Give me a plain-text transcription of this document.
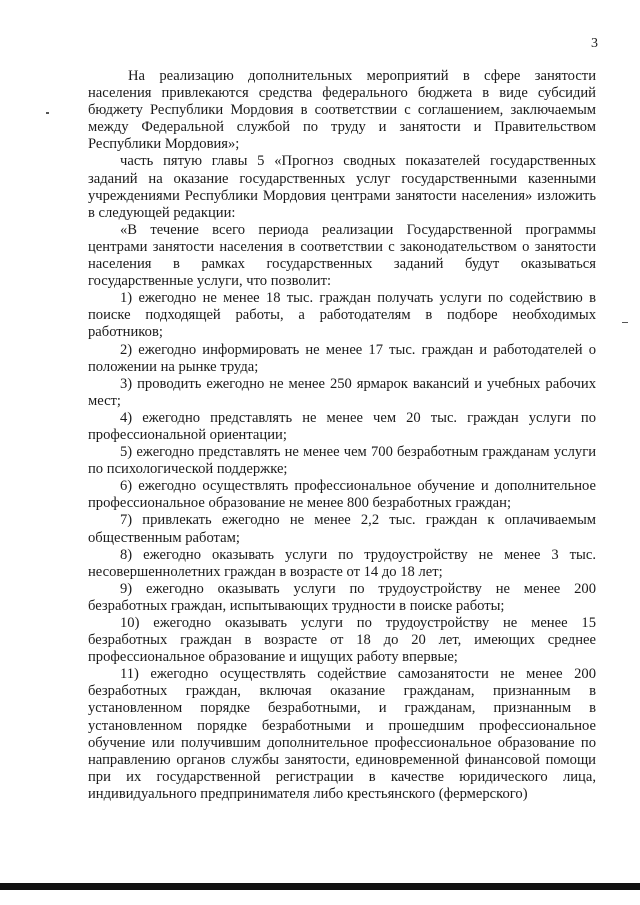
3

На реализацию дополнительных мероприятий в сфере занятости населения привлекаются средства федерального бюджета в виде субсидий бюджету Республики Мордовия в соответствии с соглашением, заключаемым между Федеральной службой по труду и занятости и Правительством Республики Мордовия»;

часть пятую главы 5 «Прогноз сводных показателей государственных заданий на оказание государственных услуг государственными казенными учреждениями Республики Мордовия центрами занятости населения» изложить в следующей редакции:

«В течение всего периода реализации Государственной программы центрами занятости населения в соответствии с законодательством о занятости населения в рамках государственных заданий будут оказываться государственные услуги, что позволит:

1) ежегодно не менее 18 тыс. граждан получать услуги по содействию в поиске подходящей работы, а работодателям в подборе необходимых работников;

2) ежегодно информировать не менее 17 тыс. граждан и работодателей о положении на рынке труда;

3) проводить ежегодно не менее 250 ярмарок вакансий и учебных рабочих мест;

4) ежегодно представлять не менее чем 20 тыс. граждан услуги по профессиональной ориентации;

5) ежегодно представлять не менее чем 700 безработным гражданам услуги по психологической поддержке;

6) ежегодно осуществлять профессиональное обучение и дополнительное профессиональное образование не менее 800 безработных граждан;

7) привлекать ежегодно не менее 2,2 тыс. граждан к оплачиваемым общественным работам;

8) ежегодно оказывать услуги по трудоустройству не менее 3 тыс. несовершеннолетних граждан в возрасте от 14 до 18 лет;

9) ежегодно оказывать услуги по трудоустройству не менее 200 безработных граждан, испытывающих трудности в поиске работы;

10) ежегодно оказывать услуги по трудоустройству не менее 15 безработных граждан в возрасте от 18 до 20 лет, имеющих среднее профессиональное образование и ищущих работу впервые;

11) ежегодно осуществлять содействие самозанятости не менее 200 безработных граждан, включая оказание гражданам, признанным в установленном порядке безработными, и гражданам, признанным в установленном порядке безработными и прошедшим профессиональное обучение или получившим дополнительное профессиональное образование по направлению органов службы занятости, единовременной финансовой помощи при их государственной регистрации в качестве юридического лица, индивидуального предпринимателя либо крестьянского (фермерского)
